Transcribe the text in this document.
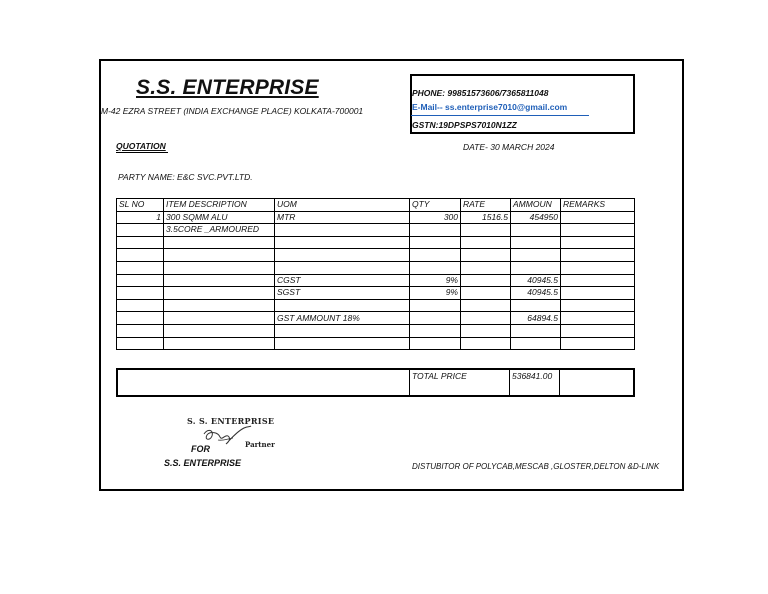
S.S. ENTERPRISE
M-42 EZRA STREET (INDIA EXCHANGE PLACE) KOLKATA-700001
PHONE: 99851573606/7365811048
E-Mail-- ss.enterprise7010@gmail.com
GSTN:19DPSPS7010N1ZZ
QUOTATION	DATE- 30 MARCH 2024
PARTY NAME: E&C SVC.PVT.LTD.
SL NO	ITEM DESCRIPTION	UOM	QTY	RATE	AMMOUN	REMARKS
1	300 SQMM ALU	MTR	300	1516.5	454950	
	3.5CORE _ARMOURED					

		CGST	9%		40945.5	
		SGST	9%		40945.5	

		GST AMMOUNT 18%			64894.5	

TOTAL PRICE	536841.00
S. S. ENTERPRISE
Partner
FOR
S.S. ENTERPRISE	DISTUBITOR OF POLYCAB,MESCAB ,GLOSTER,DELTON &D-LINK
